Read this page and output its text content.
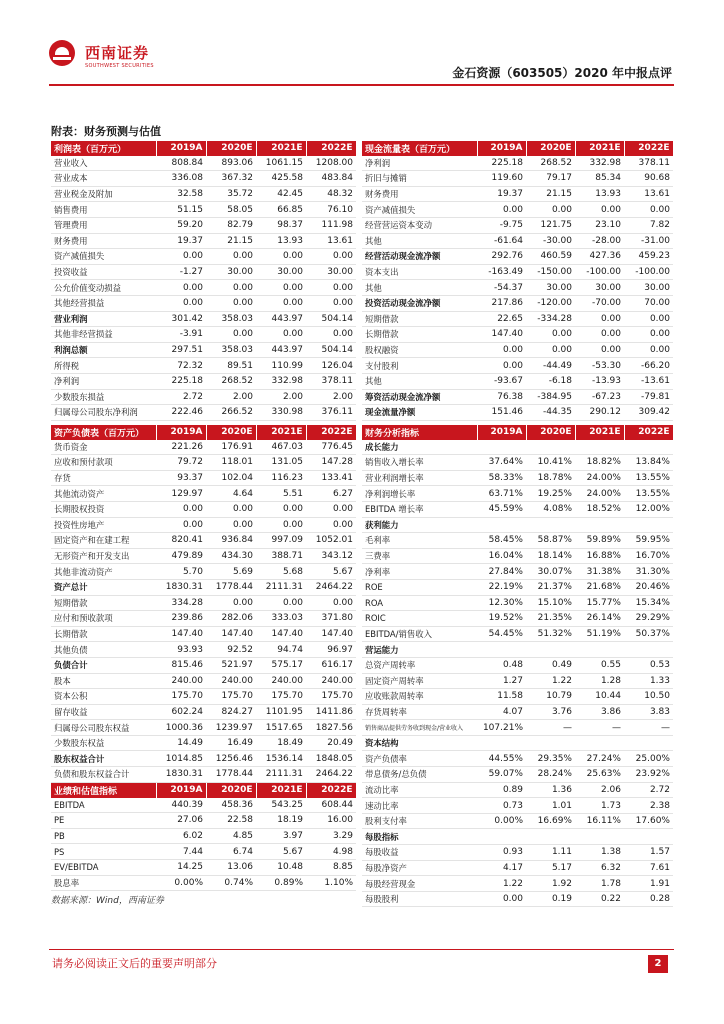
西南证券
SOUTHWEST SECURITIES	金石资源（603505）2020 年中报点评
附表：财务预测与估值
利润表（百万元）	2019A	2020E	2021E	2022E
营业收入	808.84	893.06	1061.15	1208.00
营业成本	336.08	367.32	425.58	483.84
营业税金及附加	32.58	35.72	42.45	48.32
销售费用	51.15	58.05	66.85	76.10
管理费用	59.20	82.79	98.37	111.98
财务费用	19.37	21.15	13.93	13.61
资产减值损失	0.00	0.00	0.00	0.00
投资收益	-1.27	30.00	30.00	30.00
公允价值变动损益	0.00	0.00	0.00	0.00
其他经营损益	0.00	0.00	0.00	0.00
营业利润	301.42	358.03	443.97	504.14
其他非经营损益	-3.91	0.00	0.00	0.00
利润总额	297.51	358.03	443.97	504.14
所得税	72.32	89.51	110.99	126.04
净利润	225.18	268.52	332.98	378.11
少数股东损益	2.72	2.00	2.00	2.00
归属母公司股东净利润	222.46	266.52	330.98	376.11
现金流量表（百万元）	2019A	2020E	2021E	2022E
净利润	225.18	268.52	332.98	378.11
折旧与摊销	119.60	79.17	85.34	90.68
财务费用	19.37	21.15	13.93	13.61
资产减值损失	0.00	0.00	0.00	0.00
经营营运资本变动	-9.75	121.75	23.10	7.82
其他	-61.64	-30.00	-28.00	-31.00
经营活动现金流净额	292.76	460.59	427.36	459.23
资本支出	-163.49	-150.00	-100.00	-100.00
其他	-54.37	30.00	30.00	30.00
投资活动现金流净额	217.86	-120.00	-70.00	70.00
短期借款	22.65	-334.28	0.00	0.00
长期借款	147.40	0.00	0.00	0.00
股权融资	0.00	0.00	0.00	0.00
支付股利	0.00	-44.49	-53.30	-66.20
其他	-93.67	-6.18	-13.93	-13.61
筹资活动现金流净额	76.38	-384.95	-67.23	-79.81
现金流量净额	151.46	-44.35	290.12	309.42
资产负债表（百万元）	2019A	2020E	2021E	2022E
货币资金	221.26	176.91	467.03	776.45
应收和预付款项	79.72	118.01	131.05	147.28
存货	93.37	102.04	116.23	133.41
其他流动资产	129.97	4.64	5.51	6.27
长期股权投资	0.00	0.00	0.00	0.00
投资性房地产	0.00	0.00	0.00	0.00
固定资产和在建工程	820.41	936.84	997.09	1052.01
无形资产和开发支出	479.89	434.30	388.71	343.12
其他非流动资产	5.70	5.69	5.68	5.67
资产总计	1830.31	1778.44	2111.31	2464.22
短期借款	334.28	0.00	0.00	0.00
应付和预收款项	239.86	282.06	333.03	371.80
长期借款	147.40	147.40	147.40	147.40
其他负债	93.93	92.52	94.74	96.97
负债合计	815.46	521.97	575.17	616.17
股本	240.00	240.00	240.00	240.00
资本公积	175.70	175.70	175.70	175.70
留存收益	602.24	824.27	1101.95	1411.86
归属母公司股东权益	1000.36	1239.97	1517.65	1827.56
少数股东权益	14.49	16.49	18.49	20.49
股东权益合计	1014.85	1256.46	1536.14	1848.05
负债和股东权益合计	1830.31	1778.44	2111.31	2464.22
财务分析指标	2019A	2020E	2021E	2022E
成长能力				
销售收入增长率	37.64%	10.41%	18.82%	13.84%
营业利润增长率	58.33%	18.78%	24.00%	13.55%
净利润增长率	63.71%	19.25%	24.00%	13.55%
EBITDA 增长率	45.59%	4.08%	18.52%	12.00%
获利能力				
毛利率	58.45%	58.87%	59.89%	59.95%
三费率	16.04%	18.14%	16.88%	16.70%
净利率	27.84%	30.07%	31.38%	31.30%
ROE	22.19%	21.37%	21.68%	20.46%
ROA	12.30%	15.10%	15.77%	15.34%
ROIC	19.52%	21.35%	26.14%	29.29%
EBITDA/销售收入	54.45%	51.32%	51.19%	50.37%
营运能力				
总资产周转率	0.48	0.49	0.55	0.53
固定资产周转率	1.27	1.22	1.28	1.33
应收账款周转率	11.58	10.79	10.44	10.50
存货周转率	4.07	3.76	3.86	3.83
销售商品提供劳务收到现金/营业收入	107.21%	—	—	—
资本结构				
资产负债率	44.55%	29.35%	27.24%	25.00%
带息债务/总负债	59.07%	28.24%	25.63%	23.92%
流动比率	0.89	1.36	2.06	2.72
速动比率	0.73	1.01	1.73	2.38
股利支付率	0.00%	16.69%	16.11%	17.60%
每股指标				
每股收益	0.93	1.11	1.38	1.57
每股净资产	4.17	5.17	6.32	7.61
每股经营现金	1.22	1.92	1.78	1.91
每股股利	0.00	0.19	0.22	0.28
业绩和估值指标	2019A	2020E	2021E	2022E
EBITDA	440.39	458.36	543.25	608.44
PE	27.06	22.58	18.19	16.00
PB	6.02	4.85	3.97	3.29
PS	7.44	6.74	5.67	4.98
EV/EBITDA	14.25	13.06	10.48	8.85
股息率	0.00%	0.74%	0.89%	1.10%
数据来源：Wind，西南证券
请务必阅读正文后的重要声明部分	2
